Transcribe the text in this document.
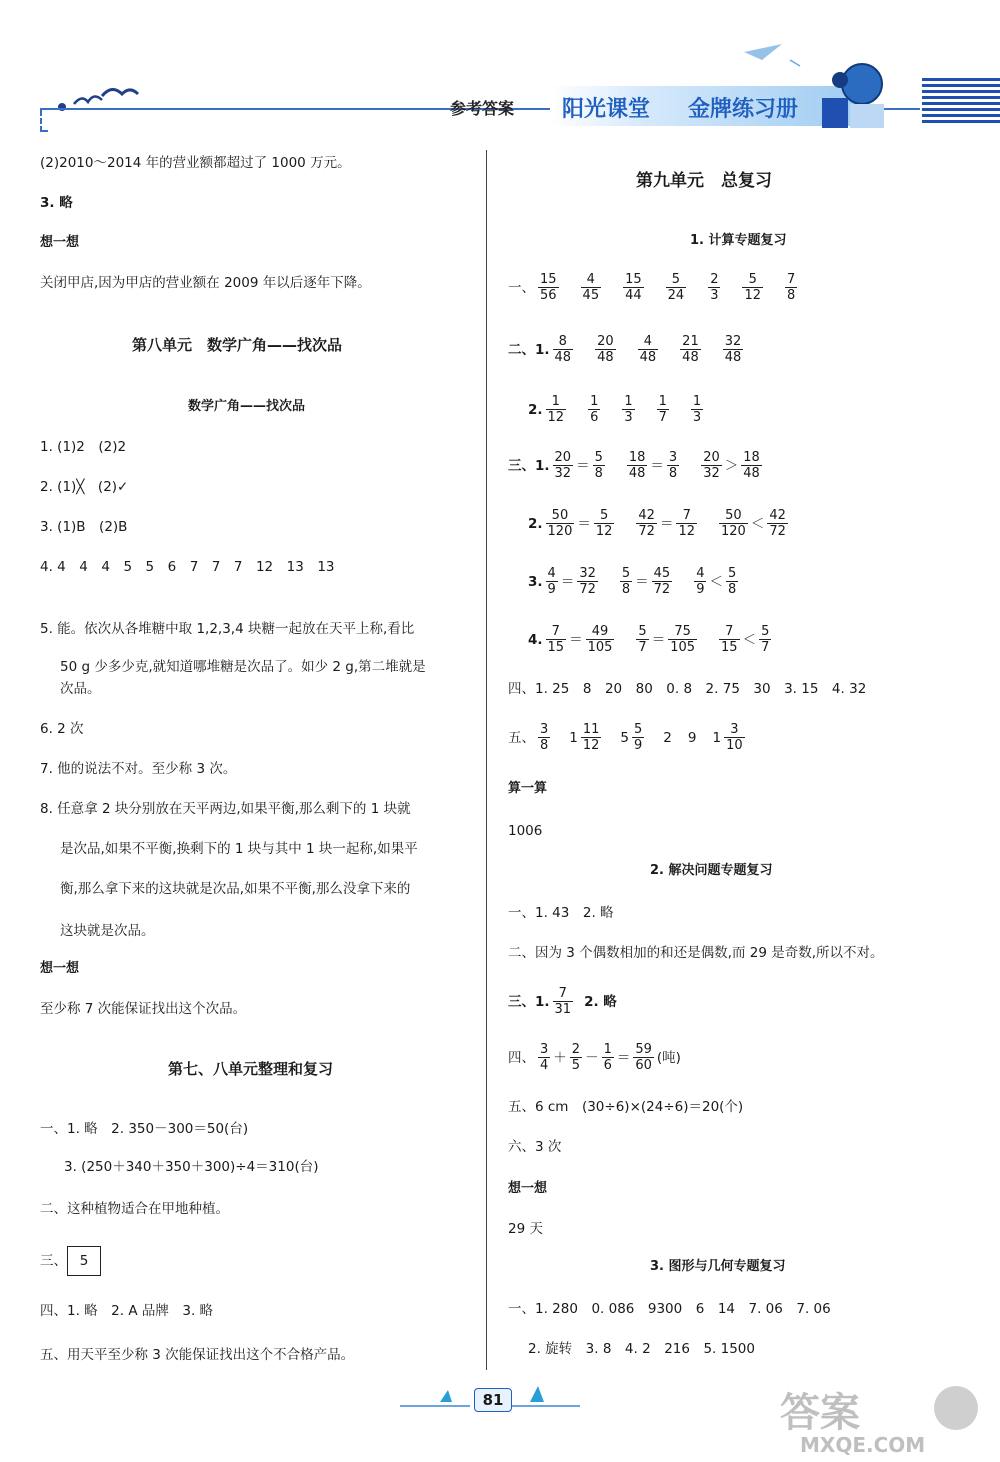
参考答案 阳光课堂 金牌练习册
(2)2010～2014 年的营业额都超过了 1000 万元。
3. 略
想一想
关闭甲店,因为甲店的营业额在 2009 年以后逐年下降。
第八单元　数学广角——找次品
数学广角——找次品
1. (1)2　(2)2
2. (1)╳　(2)✓
3. (1)B　(2)B
4. 4　4　4　5　5　6　7　7　7　12　13　13
5. 能。依次从各堆糖中取 1,2,3,4 块糖一起放在天平上称,看比
50 g 少多少克,就知道哪堆糖是次品了。如少 2 g,第二堆就是
次品。
6. 2 次
7. 他的说法不对。至少称 3 次。
8. 任意拿 2 块分别放在天平两边,如果平衡,那么剩下的 1 块就
是次品,如果不平衡,换剩下的 1 块与其中 1 块一起称,如果平
衡,那么拿下来的这块就是次品,如果不平衡,那么没拿下来的
这块就是次品。
想一想
至少称 7 次能保证找出这个次品。
第七、八单元整理和复习
一、1. 略　2. 350－300＝50(台)
3. (250＋340＋350＋300)÷4＝310(台)
二、这种植物适合在甲地种植。
三、 5
四、1. 略　2. A 品牌　3. 略
五、用天平至少称 3 次能保证找出这个不合格产品。
第九单元　总复习
1. 计算专题复习
一、 $\frac{15}{56} \frac{4}{45} \frac{15}{44} \frac{5}{24} \frac{2}{3} \frac{5}{12} \frac{7}{8}$
二、1. $\frac{8}{48} \frac{20}{48} \frac{4}{48} \frac{21}{48} \frac{32}{48}$
2. $\frac{1}{12} \frac{1}{6} \frac{1}{3} \frac{1}{7} \frac{1}{3}$
三、1. $\frac{20}{32} = \frac{5}{8} \frac{18}{48} = \frac{3}{8} \frac{20}{32} > \frac{18}{48}$
2. $\frac{50}{120} = \frac{5}{12} \frac{42}{72} = \frac{7}{12} \frac{50}{120} < \frac{42}{72}$
3. $\frac{4}{9} = \frac{32}{72} \frac{5}{8} = \frac{45}{72} \frac{4}{9} < \frac{5}{8}$
4. $\frac{7}{15} = \frac{49}{105} \frac{5}{7} = \frac{75}{105} \frac{7}{15} < \frac{5}{7}$
四、1. 25　8　20　80　0. 8　2. 75　30　3. 15　4. 32
五、 $\frac{3}{8} 1 \frac{11}{12} 5 \frac{5}{9} 2$ 9 $1 \frac{3}{10}$
算一算
1006
2. 解决问题专题复习
一、1. 43　2. 略
二、因为 3 个偶数相加的和还是偶数,而 29 是奇数,所以不对。
三、1. $\frac{7}{31} 2$. 略
四、 $\frac{3}{4} + \frac{2}{5} - \frac{1}{6} = \frac{59}{60}$ (吨)
五、6 cm　(30÷6)×(24÷6)＝20(个)
六、3 次
想一想
29 天
3. 图形与几何专题复习
一、1. 280　0. 086　9300　6　14　7. 06　7. 06
2. 旋转　3. 8　4. 2　216　5. 1500
81	答案
MXQE.COM
